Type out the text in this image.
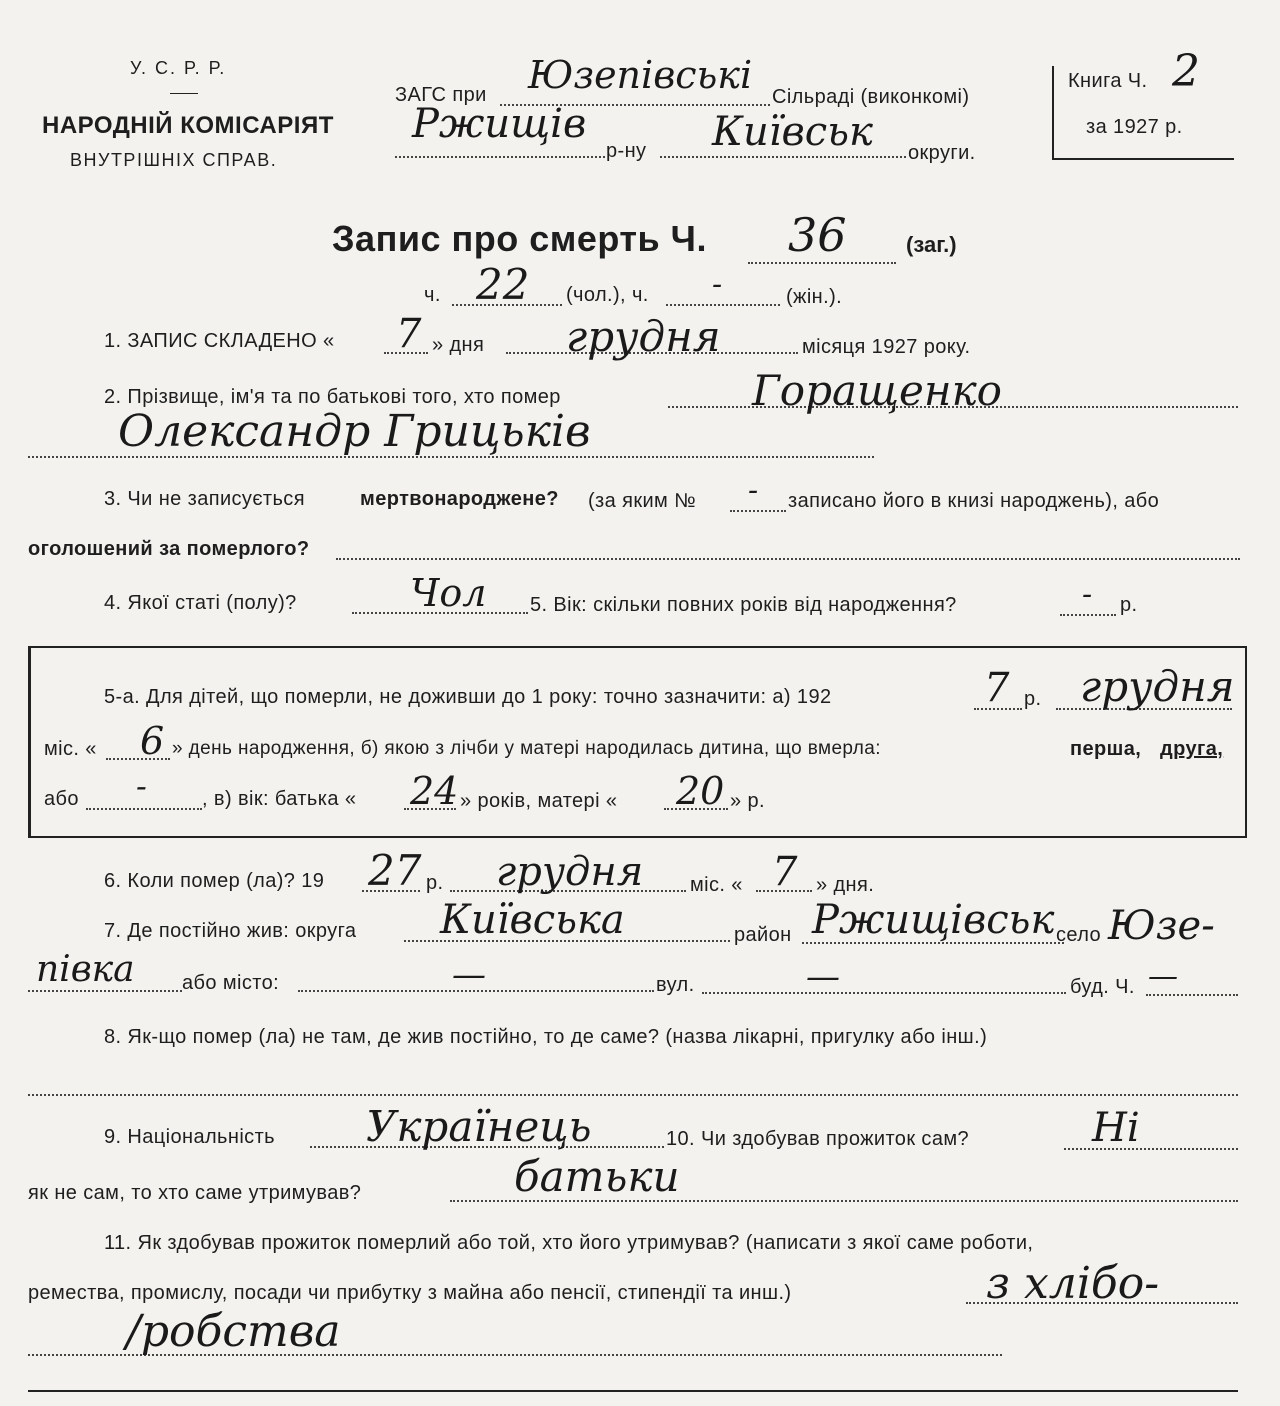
У. С. Р. Р.
НАРОДНІЙ КОМІСАРІЯТ
ВНУТРІШНІХ СПРАВ.
ЗАГС при Юзепівські Сільраді (виконкомі)
Ржищів
р-ну Київськ округи.
Книга Ч. 2
за 1927 р.
Запис про смерть Ч. 36	(заг.)
ч. 22 (чол.), ч. -	(жін.).
1. ЗАПИС СКЛАДЕНО « 7 » дня грудня	місяця 1927 року.
2. Прізвище, ім'я та по батькові того, хто помер	Горащенко
Олександр Грицьків
3. Чи не записується	мертвонароджене? (за яким № - записано його в книзі народжень), або
оголошений за померлого?
4. Якої статі (полу)?	Чол 5. Вік: скільки повних років від народження?	- р.
5-а. Для дітей, що померли, не доживши до 1 року: точно зазначити: а) 192	7 р. грудня
міс. « 6 » день народження, б) якою з лічби у матері народилась дитина, що вмерла:	перша, друга,
або -	, в) вік: батька « 24 » років, матері « 20 » р.
6. Коли помер (ла)? 19 27 р. грудня міс. « 7 » дня.
7. Де постійно жив: округа Київська	район Ржищівськ село Юзе-
півка або місто:	—	вул.	—	буд. Ч. —
8. Як-що помер (ла) не там, де жив постійно, то де саме? (назва лікарні, пригулку або інш.)
9. Національність Українець	10. Чи здобував прожиток сам?	Ні
як не сам, то хто саме утримував?	батьки
11. Як здобував прожиток померлий або той, хто його утримував? (написати з якої саме роботи,
ремества, промислу, посади чи прибутку з майна або пенсії, стипендії та инш.)	з хлібо-
/робства
